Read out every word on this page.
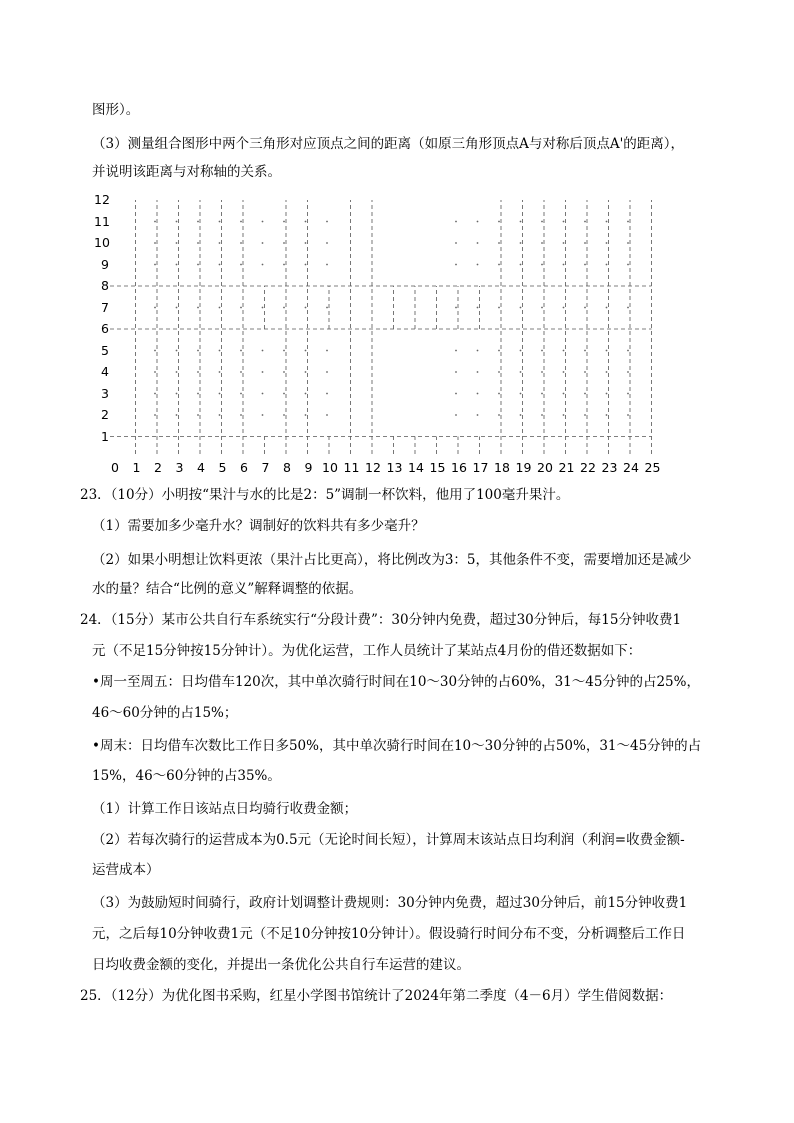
图形）。
（3）测量组合图形中两个三角形对应顶点之间的距离（如原三角形顶点A与对称后顶点A'的距离），
并说明该距离与对称轴的关系。
0 1 2 3 4 5 6 7 8 9 10 11 12 13 14 15 16 17 18 19 20 21 22 23 24 25
1
2
3
4
5
6
7
8
9
10
11
12
23．（10分）小明按“果汁与水的比是2：5”调制一杯饮料，他用了100毫升果汁。
（1）需要加多少毫升水？调制好的饮料共有多少毫升？
（2）如果小明想让饮料更浓（果汁占比更高），将比例改为3：5，其他条件不变，需要增加还是减少
水的量？结合“比例的意义”解释调整的依据。
24．（15分）某市公共自行车系统实行“分段计费”：30分钟内免费，超过30分钟后，每15分钟收费1
元（不足15分钟按15分钟计）。为优化运营，工作人员统计了某站点4月份的借还数据如下：
•周一至周五：日均借车120次，其中单次骑行时间在10～30分钟的占60%，31～45分钟的占25%，
46～60分钟的占15%；
•周末：日均借车次数比工作日多50%，其中单次骑行时间在10～30分钟的占50%，31～45分钟的占
15%，46～60分钟的占35%。
（1）计算工作日该站点日均骑行收费金额；
（2）若每次骑行的运营成本为0.5元（无论时间长短），计算周末该站点日均利润（利润=收费金额-
运营成本）
（3）为鼓励短时间骑行，政府计划调整计费规则：30分钟内免费，超过30分钟后，前15分钟收费1
元，之后每10分钟收费1元（不足10分钟按10分钟计）。假设骑行时间分布不变，分析调整后工作日
日均收费金额的变化，并提出一条优化公共自行车运营的建议。
25．（12分）为优化图书采购，红星小学图书馆统计了2024年第二季度（4－6月）学生借阅数据：
